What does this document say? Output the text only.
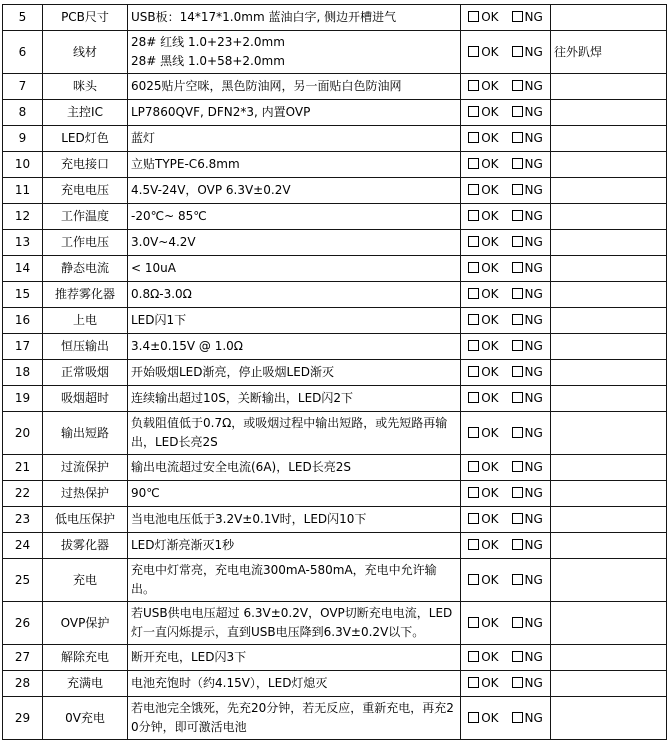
5	PCB尺寸	USB板：14*17*1.0mm 蓝油白字, 侧边开槽进气	OK NG	
6	线材	28# 红线 1.0+23+2.0mm
28# 黑线 1.0+58+2.0mm	OK NG	往外趴焊
7	咪头	6025贴片空咪，黑色防油网，另一面贴白色防油网	OK NG	
8	主控IC	LP7860QVF, DFN2*3, 内置OVP	OK NG	
9	LED灯色	蓝灯	OK NG	
10	充电接口	立贴TYPE-C6.8mm	OK NG	
11	充电电压	4.5V-24V，OVP 6.3V±0.2V	OK NG	
12	工作温度	-20℃~ 85℃	OK NG	
13	工作电压	3.0V~4.2V	OK NG	
14	静态电流	< 10uA	OK NG	
15	推荐雾化器	0.8Ω-3.0Ω	OK NG	
16	上电	LED闪1下	OK NG	
17	恒压输出	3.4±0.15V @ 1.0Ω	OK NG	
18	正常吸烟	开始吸烟LED渐亮，停止吸烟LED渐灭	OK NG	
19	吸烟超时	连续输出超过10S，关断输出，LED闪2下	OK NG	
20	输出短路	负载阻值低于0.7Ω，或吸烟过程中输出短路，或先短路再输出，LED长亮2S	OK NG	
21	过流保护	输出电流超过安全电流(6A)，LED长亮2S	OK NG	
22	过热保护	90℃	OK NG	
23	低电压保护	当电池电压低于3.2V±0.1V时，LED闪10下	OK NG	
24	拔雾化器	LED灯渐亮渐灭1秒	OK NG	
25	充电	充电中灯常亮，充电电流300mA-580mA，充电中允许输出。	OK NG	
26	OVP保护	若USB供电电压超过 6.3V±0.2V，OVP切断充电电流，LED灯一直闪烁提示，直到USB电压降到6.3V±0.2V以下。	OK NG	
27	解除充电	断开充电，LED闪3下	OK NG	
28	充满电	电池充饱时（约4.15V），LED灯熄灭	OK NG	
29	0V充电	若电池完全饿死，先充20分钟，若无反应，重新充电，再充20分钟，即可激活电池	OK NG	
